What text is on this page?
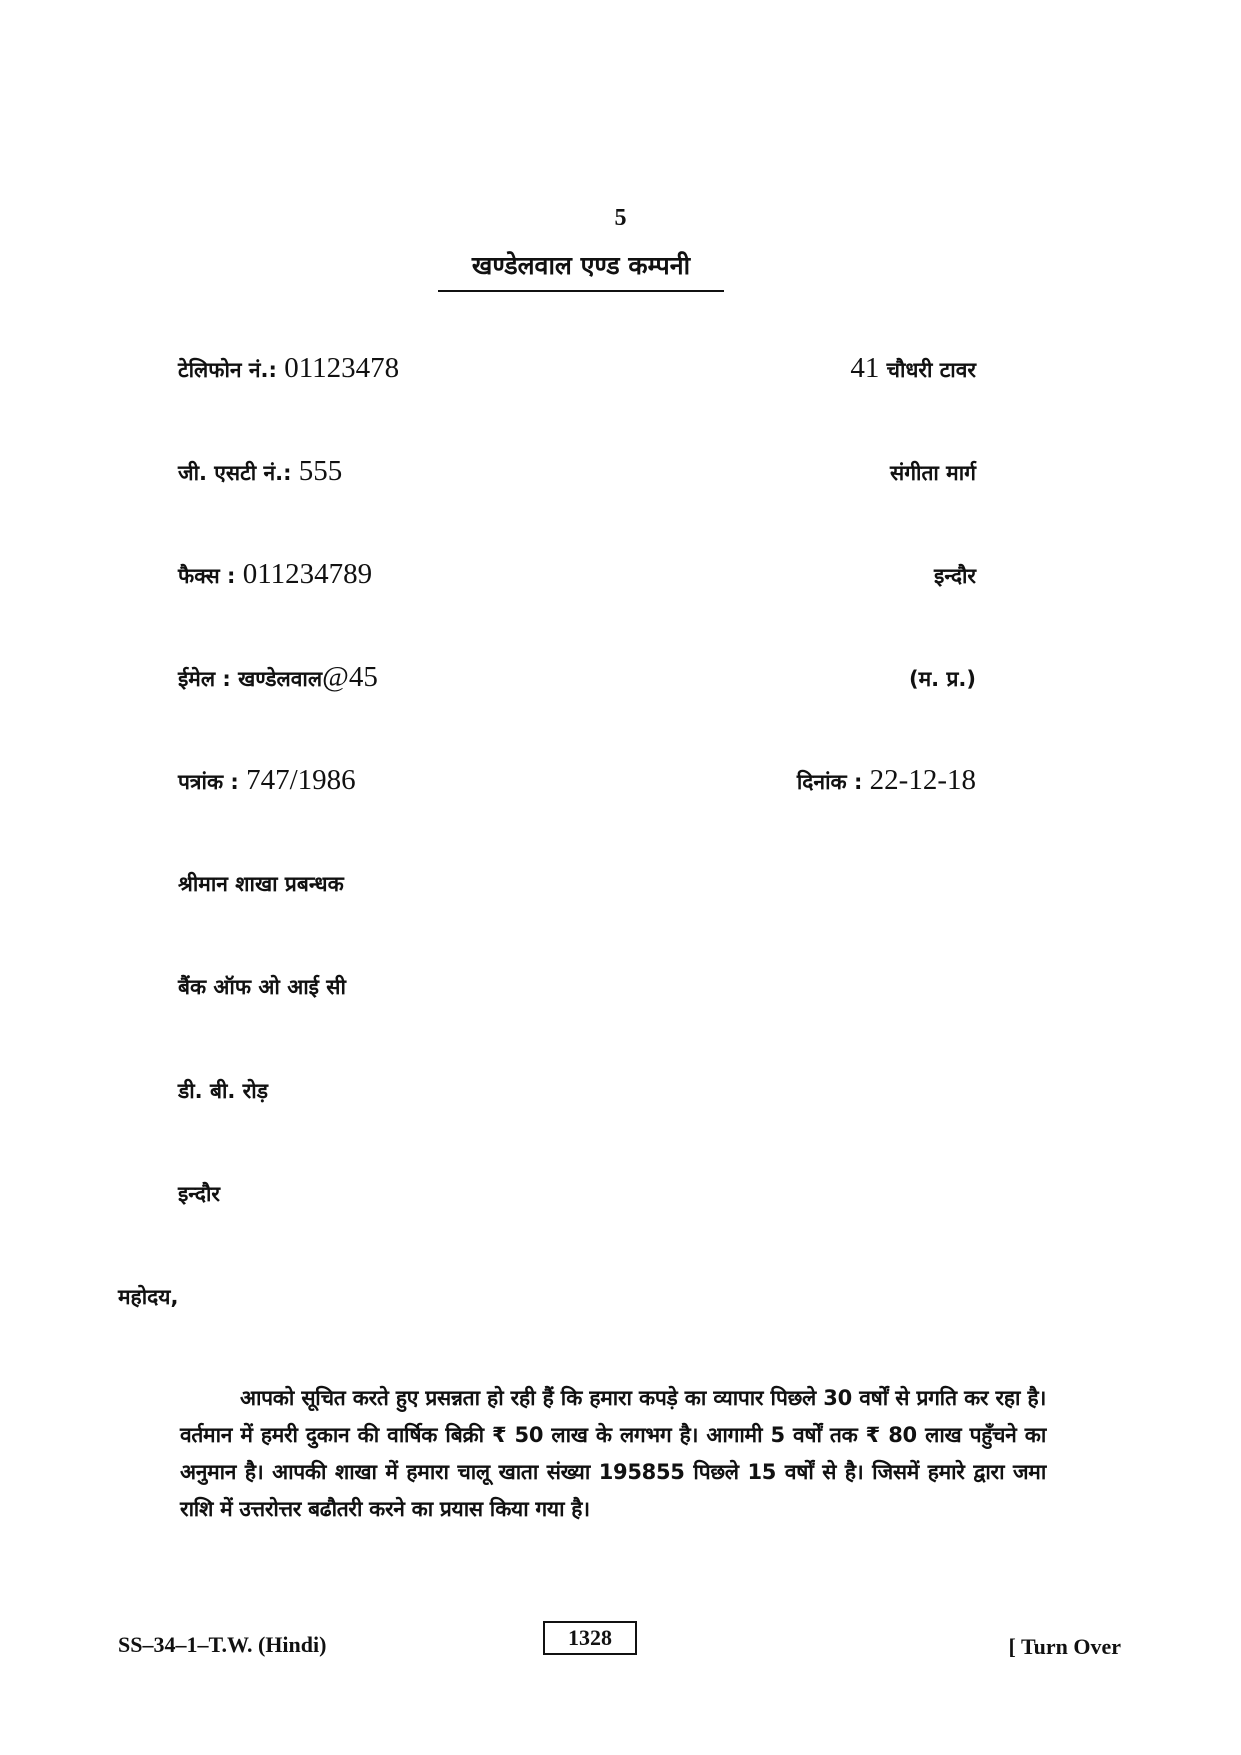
5
खण्डेलवाल एण्ड कम्पनी
टेलिफोन नं.: 01123478	41 चौधरी टावर
जी. एसटी नं.: 555	संगीता मार्ग
फैक्स : 011234789	इन्दौर
ईमेल : खण्डेलवाल@45	(म. प्र.)
पत्रांक : 747/1986	दिनांक : 22-12-18
श्रीमान शाखा प्रबन्धक
बैंक ऑफ ओ आई सी
डी. बी. रोड़
इन्दौर
महोदय,

आपको सूचित करते हुए प्रसन्नता हो रही हैं कि हमारा कपड़े का व्यापार पिछले 30 वर्षों से प्रगति कर रहा है। वर्तमान में हमरी दुकान की वार्षिक बिक्री ₹ 50 लाख के लगभग है। आगामी 5 वर्षों तक ₹ 80 लाख पहुँचने का अनुमान है। आपकी शाखा में हमारा चालू खाता संख्या 195855 पिछले 15 वर्षों से है। जिसमें हमारे द्वारा जमा राशि में उत्तरोत्तर बढौतरी करने का प्रयास किया गया है।

SS–34–1–T.W. (Hindi)	1328	[ Turn Over
